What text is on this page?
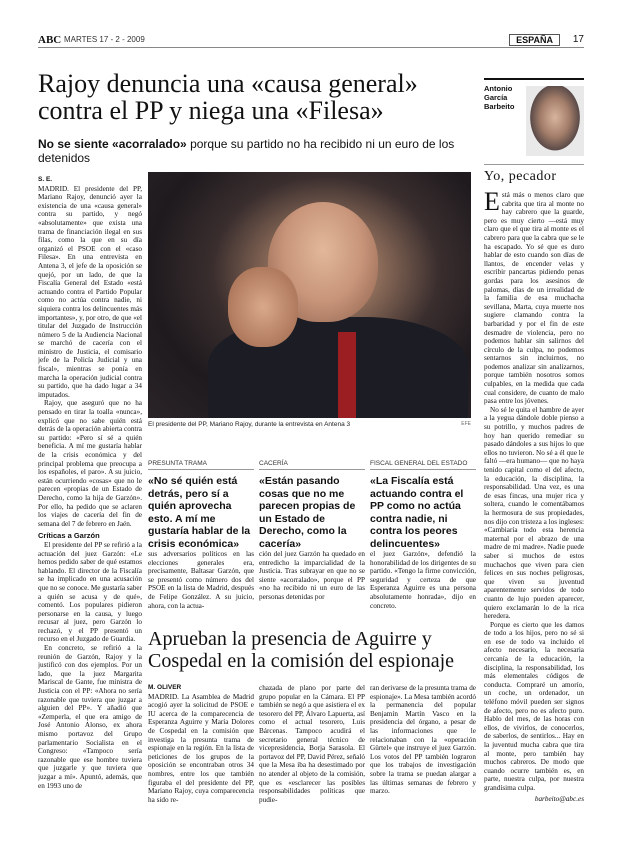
ABC MARTES 17 - 2 - 2009	ESPAÑA	17
Rajoy denuncia una «causa general»
contra el PP y niega una «Filesa»
No se siente «acorralado» porque su partido no ha recibido ni un euro de los detenidos

S. E.

MADRID. El presidente del PP, Mariano Rajoy, denunció ayer la existencia de una «causa general» contra su partido, y negó «absolutamente» que exista una trama de financiación ilegal en sus filas, como la que en su día organizó el PSOE con el «caso Filesa». En una entrevista en Antena 3, el jefe de la oposición se quejó, por un lado, de que la Fiscalía General del Estado «está actuando contra el Partido Popular como no actúa contra nadie, ni siquiera contra los delincuentes más importantes», y, por otro, de que «el titular del Juzgado de Instrucción número 5 de la Audiencia Nacional se marchó de cacería con el ministro de Justicia, el comisario jefe de la Policía Judicial y una fiscal», mientras se ponía en marcha la operación judicial contra su partido, que ha dado lugar a 34 imputados.

Rajoy, que aseguró que no ha pensado en tirar la toalla «nunca», explicó que no sabe quién está detrás de la operación abierta contra su partido: «Pero sí sé a quién beneficia. A mí me gustaría hablar de la crisis económica y del principal problema que preocupa a los españoles, el paro». A su juicio, están ocurriendo «cosas» que no le parecen «propias de un Estado de Derecho, como la hija de Garzón». Por ello, ha pedido que se aclaren los viajes de cacería del fin de semana del 7 de febrero en Jaén.

Críticas a Garzón

El presidente del PP se refirió a la actuación del juez Garzón: «Le hemos pedido saber de qué estamos hablando. El director de la Fiscalía se ha implicado en una acusación que no se conoce. Me gustaría saber a quién se acusa y de qué», comentó. Los populares pidieron personarse en la causa, y luego recusar al juez, pero Garzón lo rechazó, y el PP presentó un recurso en el Juzgado de Guardia.

En concreto, se refirió a la reunión de Garzón, Rajoy y la justificó con dos ejemplos. Por un lado, que la juez Margarita Mariscal de Gante, fue ministra de Justicia con el PP: «Ahora no sería razonable que tuviera que juzgar a alguien del PP». Y añadió que «Zemperla, el que era amigo de José Antonio Alonso, ex ahora mismo portavoz del Grupo parlamentario Socialista en el Congreso: «Tampoco sería razonable que ese hombre tuviera que juzgarle y que tuviera que juzgar a mí». Apuntó, además, que en 1993 uno de

El presidente del PP, Mariano Rajoy, durante la entrevista en Antena 3	EFE
PRESUNTA TRAMA
«No sé quién está detrás, pero sí a quién aprovecha esto. A mí me gustaría hablar de la crisis económica»
CACERÍA
«Están pasando cosas que no me parecen propias de un Estado de Derecho, como la cacería»
FISCAL GENERAL DEL ESTADO
«La Fiscalía está actuando contra el PP como no actúa contra nadie, ni contra los peores delincuentes»

sus adversarios políticos en las elecciones generales era, precisamente, Baltasar Garzón, que se presentó como número dos del PSOE en la lista de Madrid, después de Felipe González. A su juicio, ahora, con la actua-

ción del juez Garzón ha quedado en entredicho la imparcialidad de la Justicia. Tras subrayar en que no se siente «acorralado», porque el PP «no ha recibido ni un euro de las personas detenidas por

el juez Garzón», defendió la honorabilidad de los dirigentes de su partido. «Tengo la firme convicción, seguridad y certeza de que Esperanza Aguirre es una persona absolutamente honrada», dijo en concreto.

Aprueban la presencia de Aguirre y
Cospedal en la comisión del espionaje

M. OLIVER

MADRID. La Asamblea de Madrid acogió ayer la solicitud de PSOE e IU acerca de la comparecencia de Esperanza Aguirre y María Dolores de Cospedal en la comisión que investiga la presunta trama de espionaje en la región. En la lista de peticiones de los grupos de la oposición se encontraban otros 34 nombres, entre los que también figuraba el del presidente del PP, Mariano Rajoy, cuya comparecencia ha sido re-

chazada de plano por parte del grupo popular en la Cámara. El PP también se negó a que asistiera el ex tesorero del PP, Álvaro Lapuerta, así como el actual tesorero, Luis Bárcenas. Tampoco acudirá el secretario general técnico de vicepresidencia, Borja Sarasola. El portavoz del PP, David Pérez, señaló que la Mesa iba ha desestimado por no atender al objeto de la comisión, que es «esclarecer las posibles responsabilidades políticas que pudie-

ran derivarse de la presunta trama de espionaje». La Mesa también acordó la permanencia del popular Benjamín Martín Vasco en la presidencia del órgano, a pesar de las informaciones que le relacionaban con la «operación Gürtel» que instruye el juez Garzón. Los votos del PP también lograron que los trabajos de investigación sobre la trama se puedan alargar a las últimas semanas de febrero y marzo.

Antonio
García
Barbeito
Yo, pecador

Está más o menos claro que cabrita que tira al monte no hay cabrero que la guarde, pero es muy cierto —está muy claro que el que tira al monte es el cabrero para que la cabra que se le ha escapado. Yo sé que es duro hablar de esto cuando son días de llantos, de encender velas y escribir pancartas pidiendo penas gordas para los asesinos de palomas, días de un irrealidad de la familia de esa muchacha sevillana, Marta, cuya muerte nos sugiere clamando contra la barbaridad y por el fin de este desmadre de violencia, pero no podemos hablar sin salirnos del círculo de la culpa, no podemos sentarnos sin incluirnos, no podemos analizar sin analizarnos, porque también nosotros somos culpables, en la medida que cada cual considere, de cuanto de malo pasa entre los jóvenes.

No sé le quita el hambre de ayer a la yegua dándole doble pienso a su potrillo, y muchos padres de hoy han querido remediar su pasado dándoles a sus hijos lo que ellos no tuvieron. No sé a él que le faltó —era humano— que no haya tenido capital como el del afecto, la educación, la disciplina, la responsabilidad. Una vez, es una de esas fincas, una mujer rica y soltera, cuando le comentábamos la hermosura de sus propiedades, nos dijo con tristeza a los ingleses: «Cambiaría todo esta herencia maternal por el abrazo de una madre de mi madre». Nadie puede saber si muchos de estos muchachos que viven para cien felices en sus noches peligrosas, que viven su juventud aparentemente servidos de todo cuanto de lujo pueden aparecer, quiero exclamarán lo de la rica heredera.

Porque es cierto que les damos de todo a los hijos, pero no sé si en ese de todo va incluido el afecto necesario, la necesaria cercanía de la educación, la disciplina, la responsabilidad, los más elementales códigos de conducta. Compraré un amorío, un coche, un ordenador, un teléfono móvil pueden ser signos de afecto, pero no es afecto puro. Hablo del mes, de las horas con ellos, de vivirlos, de conocerlos, de saberlos, de sentirlos... Hay en la juventud mucha cabra que tira al monte, pero también hay muchos cabreros. De modo que cuando ocurre también es, en parte, nuestra culpa, por nuestra grandísima culpa.

barbeito@abc.es
